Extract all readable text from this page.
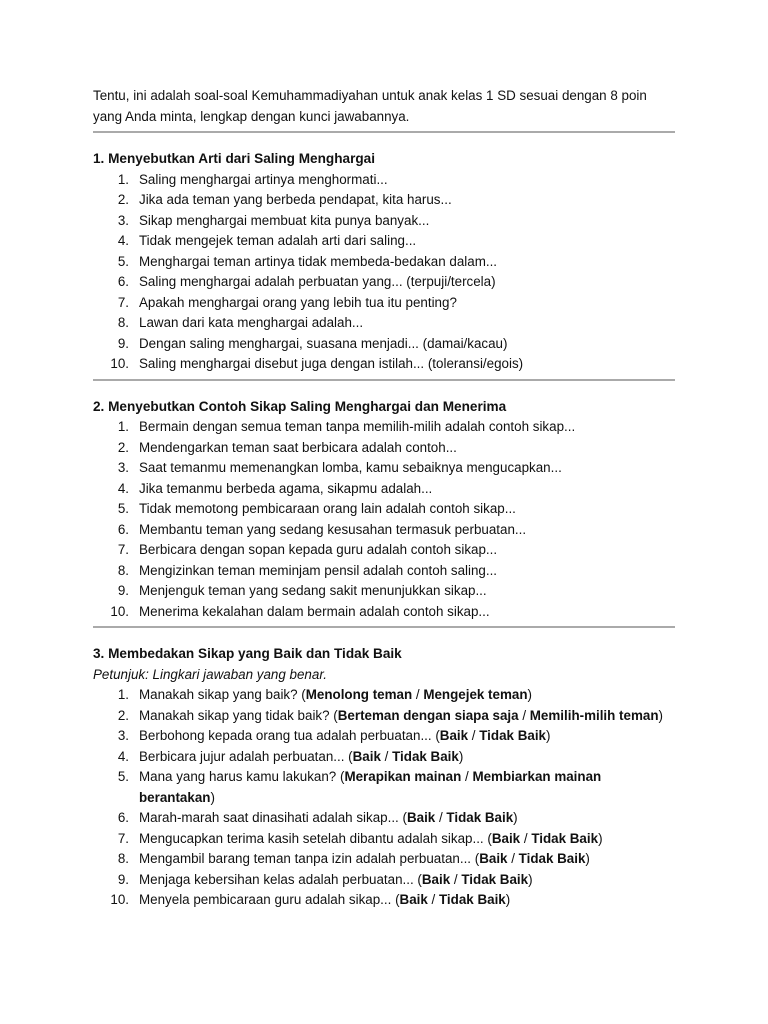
Tentu, ini adalah soal-soal Kemuhammadiyahan untuk anak kelas 1 SD sesuai dengan 8 poin yang Anda minta, lengkap dengan kunci jawabannya.

1. Menyebutkan Arti dari Saling Menghargai

1. Saling menghargai artinya menghormati...
2. Jika ada teman yang berbeda pendapat, kita harus...
3. Sikap menghargai membuat kita punya banyak...
4. Tidak mengejek teman adalah arti dari saling...
5. Menghargai teman artinya tidak membeda-bedakan dalam...
6. Saling menghargai adalah perbuatan yang... (terpuji/tercela)
7. Apakah menghargai orang yang lebih tua itu penting?
8. Lawan dari kata menghargai adalah...
9. Dengan saling menghargai, suasana menjadi... (damai/kacau)
10. Saling menghargai disebut juga dengan istilah... (toleransi/egois)

2. Menyebutkan Contoh Sikap Saling Menghargai dan Menerima

1. Bermain dengan semua teman tanpa memilih-milih adalah contoh sikap...
2. Mendengarkan teman saat berbicara adalah contoh...
3. Saat temanmu memenangkan lomba, kamu sebaiknya mengucapkan...
4. Jika temanmu berbeda agama, sikapmu adalah...
5. Tidak memotong pembicaraan orang lain adalah contoh sikap...
6. Membantu teman yang sedang kesusahan termasuk perbuatan...
7. Berbicara dengan sopan kepada guru adalah contoh sikap...
8. Mengizinkan teman meminjam pensil adalah contoh saling...
9. Menjenguk teman yang sedang sakit menunjukkan sikap...
10. Menerima kekalahan dalam bermain adalah contoh sikap...

3. Membedakan Sikap yang Baik dan Tidak Baik

Petunjuk: Lingkari jawaban yang benar.

1. Manakah sikap yang baik? (Menolong teman / Mengejek teman)
2. Manakah sikap yang tidak baik? (Berteman dengan siapa saja / Memilih-milih teman)
3. Berbohong kepada orang tua adalah perbuatan... (Baik / Tidak Baik)
4. Berbicara jujur adalah perbuatan... (Baik / Tidak Baik)
5. Mana yang harus kamu lakukan? (Merapikan mainan / Membiarkan mainan berantakan)
6. Marah-marah saat dinasihati adalah sikap... (Baik / Tidak Baik)
7. Mengucapkan terima kasih setelah dibantu adalah sikap... (Baik / Tidak Baik)
8. Mengambil barang teman tanpa izin adalah perbuatan... (Baik / Tidak Baik)
9. Menjaga kebersihan kelas adalah perbuatan... (Baik / Tidak Baik)
10. Menyela pembicaraan guru adalah sikap... (Baik / Tidak Baik)
